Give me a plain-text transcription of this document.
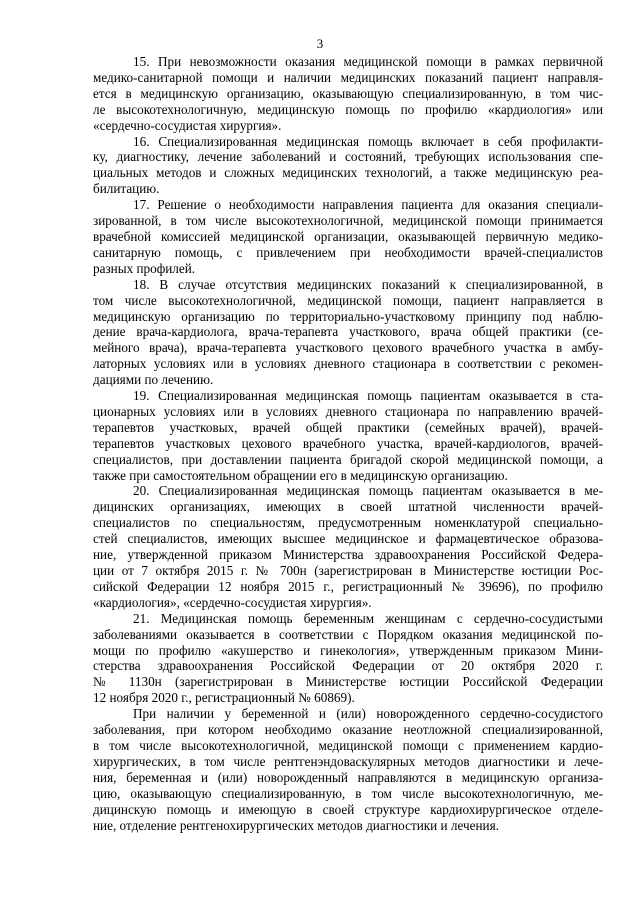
3
15. При невозможности оказания медицинской помощи в рамках первичной
медико-санитарной помощи и наличии медицинских показаний пациент направля-
ется в медицинскую организацию, оказывающую специализированную, в том чис-
ле высокотехнологичную, медицинскую помощь по профилю «кардиология» или
«сердечно-сосудистая хирургия».
16. Специализированная медицинская помощь включает в себя профилакти-
ку, диагностику, лечение заболеваний и состояний, требующих использования спе-
циальных методов и сложных медицинских технологий, а также медицинскую реа-
билитацию.
17. Решение о необходимости направления пациента для оказания специали-
зированной, в том числе высокотехнологичной, медицинской помощи принимается
врачебной комиссией медицинской организации, оказывающей первичную медико-
санитарную помощь, с привлечением при необходимости врачей-специалистов
разных профилей.
18. В случае отсутствия медицинских показаний к специализированной, в
том числе высокотехнологичной, медицинской помощи, пациент направляется в
медицинскую организацию по территориально-участковому принципу под наблю-
дение врача-кардиолога, врача-терапевта участкового, врача общей практики (се-
мейного врача), врача-терапевта участкового цехового врачебного участка в амбу-
латорных условиях или в условиях дневного стационара в соответствии с рекомен-
дациями по лечению.
19. Специализированная медицинская помощь пациентам оказывается в ста-
ционарных условиях или в условиях дневного стационара по направлению врачей-
терапевтов участковых, врачей общей практики (семейных врачей), врачей-
терапевтов участковых цехового врачебного участка, врачей-кардиологов, врачей-
специалистов, при доставлении пациента бригадой скорой медицинской помощи, а
также при самостоятельном обращении его в медицинскую организацию.
20. Специализированная медицинская помощь пациентам оказывается в ме-
дицинских организациях, имеющих в своей штатной численности врачей-
специалистов по специальностям, предусмотренным номенклатурой специально-
стей специалистов, имеющих высшее медицинское и фармацевтическое образова-
ние, утвержденной приказом Министерства здравоохранения Российской Федера-
ции от 7 октября 2015 г. № 700н (зарегистрирован в Министерстве юстиции Рос-
сийской Федерации 12 ноября 2015 г., регистрационный № 39696), по профилю
«кардиология», «сердечно-сосудистая хирургия».
21. Медицинская помощь беременным женщинам с сердечно-сосудистыми
заболеваниями оказывается в соответствии с Порядком оказания медицинской по-
мощи по профилю «акушерство и гинекология», утвержденным приказом Мини-
стерства здравоохранения Российской Федерации от 20 октября 2020 г.
№ 1130н (зарегистрирован в Министерстве юстиции Российской Федерации
12 ноября 2020 г., регистрационный № 60869).
При наличии у беременной и (или) новорожденного сердечно-сосудистого
заболевания, при котором необходимо оказание неотложной специализированной,
в том числе высокотехнологичной, медицинской помощи с применением кардио-
хирургических, в том числе рентгенэндоваскулярных методов диагностики и лече-
ния, беременная и (или) новорожденный направляются в медицинскую организа-
цию, оказывающую специализированную, в том числе высокотехнологичную, ме-
дицинскую помощь и имеющую в своей структуре кардиохирургическое отделе-
ние, отделение рентгенохирургических методов диагностики и лечения.
